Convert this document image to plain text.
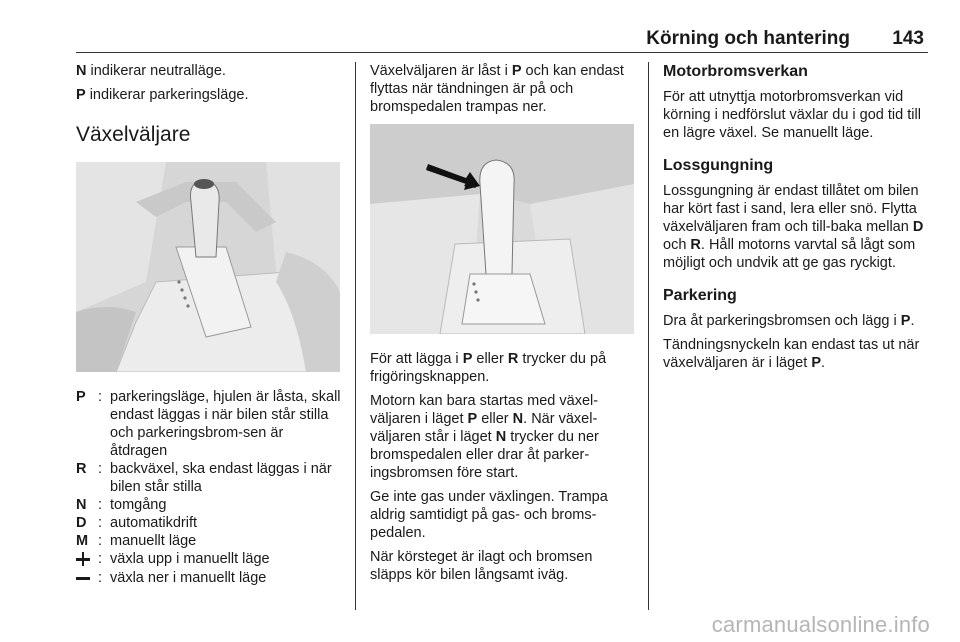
Körning och hantering 143

N indikerar neutralläge.

P indikerar parkeringsläge.

Växelväljare
P : parkeringsläge, hjulen är låsta, skall endast läggas i när bilen står stilla och parkeringsbrom‐sen är åtdragen
R : backväxel, ska endast läggas i när bilen står stilla
N : tomgång
D : automatikdrift
M : manuellt läge
: växla upp i manuellt läge
: växla ner i manuellt läge

Växelväljaren är låst i P och kan endast flyttas när tändningen är på och bromspedalen trampas ner.

För att lägga i P eller R trycker du på frigöringsknappen.

Motorn kan bara startas med växel‐väljaren i läget P eller N. När växel‐väljaren står i läget N trycker du ner bromspedalen eller drar åt parker‐ingsbromsen före start.

Ge inte gas under växlingen. Trampa aldrig samtidigt på gas- och broms‐pedalen.

När körsteget är ilagt och bromsen släpps kör bilen långsamt iväg.

Motorbromsverkan

För att utnyttja motorbromsverkan vid körning i nedförslut växlar du i god tid till en lägre växel. Se manuellt läge.

Lossgungning

Lossgungning är endast tillåtet om bilen har kört fast i sand, lera eller snö. Flytta växelväljaren fram och till‐baka mellan D och R. Håll motorns varvtal så lågt som möjligt och undvik att ge gas ryckigt.

Parkering

Dra åt parkeringsbromsen och lägg i P.

Tändningsnyckeln kan endast tas ut när växelväljaren är i läget P.

carmanualsonline.info
